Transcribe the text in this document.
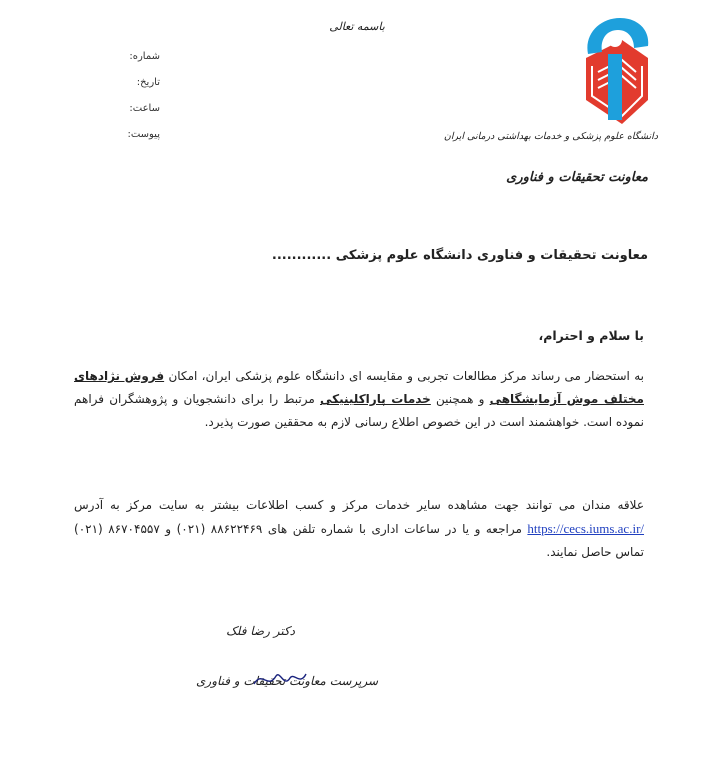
باسمه تعالی
شماره:
تاریخ:
ساعت:
پیوست:	دانشگاه علوم پزشکی و خدمات بهداشتی درمانی ایران
معاونت تحقیقات و فناوری
معاونت تحقیقات و فناوری دانشگاه علوم پزشکی ............
با سلام و احترام،
به استحضار می رساند مرکز مطالعات تجربی و مقایسه ای دانشگاه علوم پزشکی ایران، امکان فروش نژادهای مختلف موش آزمایشگاهی و همچنین خدمات پاراکلینیکی مرتبط را برای دانشجویان و پژوهشگران فراهم نموده است. خواهشمند است در این خصوص اطلاع رسانی لازم به محققین صورت پذیرد.
علاقه مندان می توانند جهت مشاهده سایر خدمات مرکز و کسب اطلاعات بیشتر به سایت مرکز به آدرس https://cecs.iums.ac.ir/ مراجعه و یا در ساعات اداری با شماره تلفن های ۸۸۶۲۲۴۶۹ (۰۲۱) و ۸۶۷۰۴۵۵۷ (۰۲۱) تماس حاصل نمایند.
دکتر رضا فلک
سرپرست معاونت تحقیقات و فناوری
